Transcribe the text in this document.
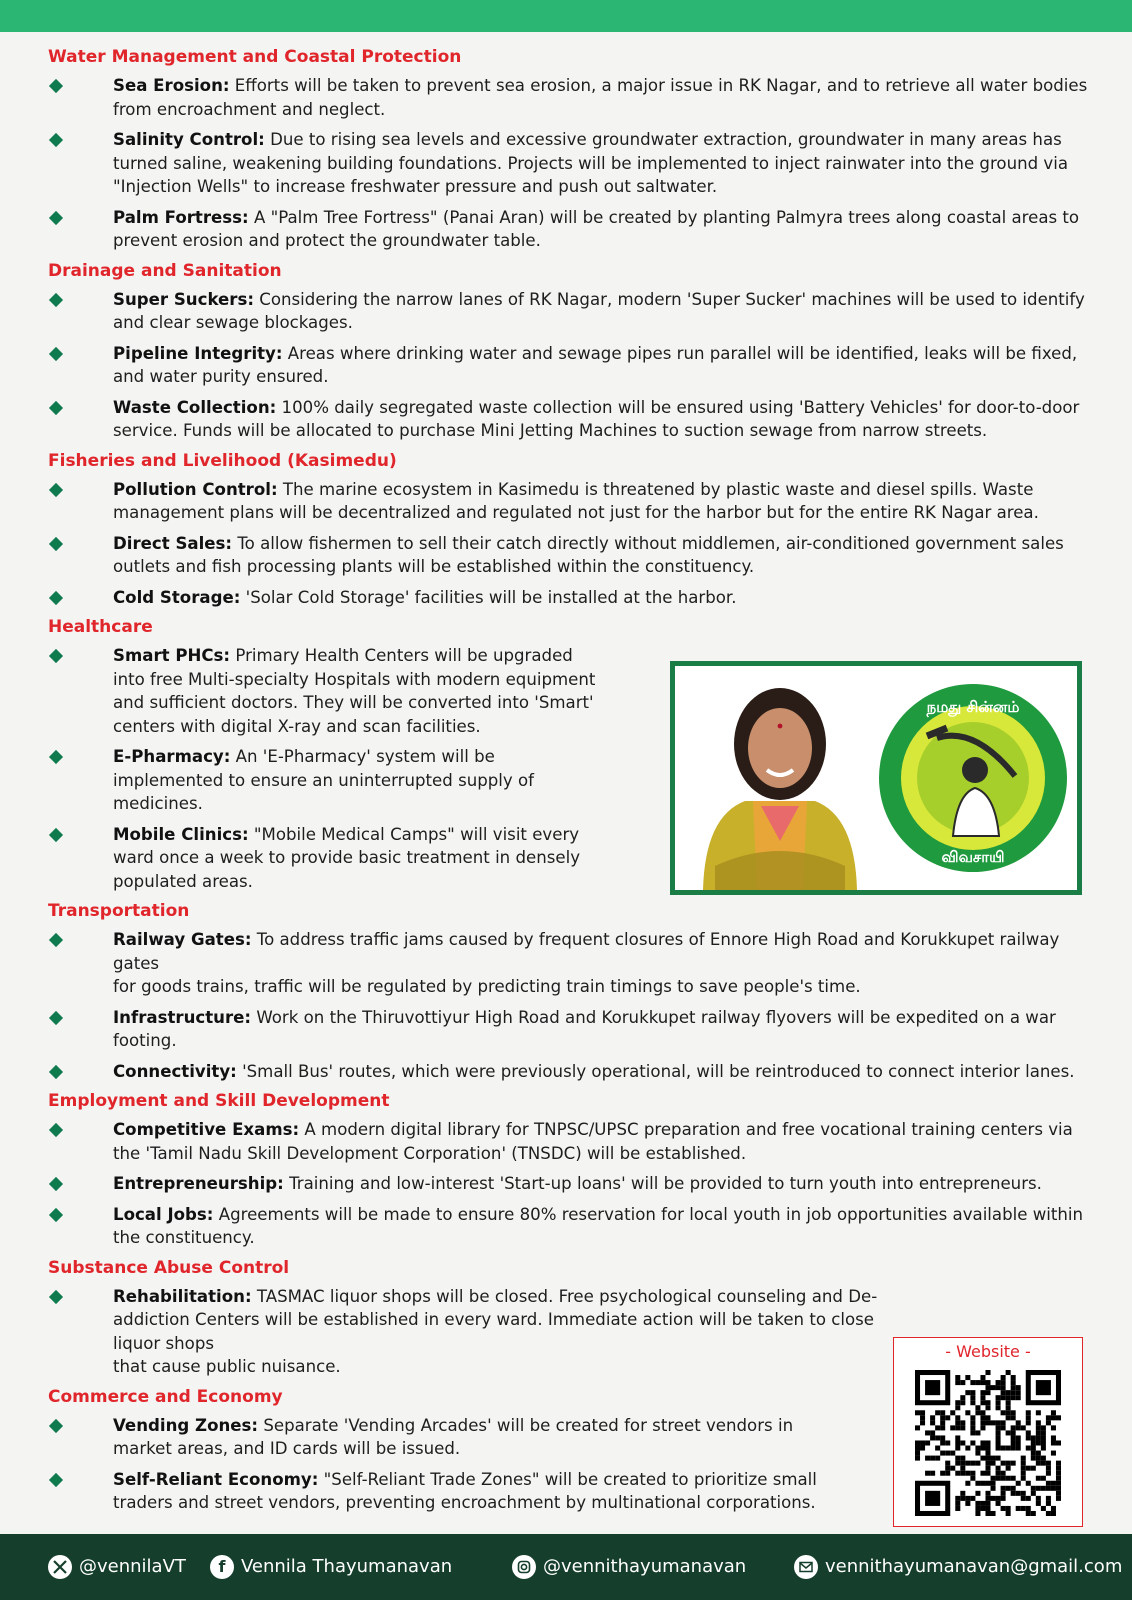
Water Management and Coastal Protection
Sea Erosion: Efforts will be taken to prevent sea erosion, a major issue in RK Nagar, and to retrieve all water bodies from encroachment and neglect.
Salinity Control: Due to rising sea levels and excessive groundwater extraction, groundwater in many areas has turned saline, weakening building foundations. Projects will be implemented to inject rainwater into the ground via "Injection Wells" to increase freshwater pressure and push out saltwater.
Palm Fortress: A "Palm Tree Fortress" (Panai Aran) will be created by planting Palmyra trees along coastal areas to prevent erosion and protect the groundwater table.
Drainage and Sanitation
Super Suckers: Considering the narrow lanes of RK Nagar, modern 'Super Sucker' machines will be used to identify and clear sewage blockages.
Pipeline Integrity: Areas where drinking water and sewage pipes run parallel will be identified, leaks will be fixed, and water purity ensured.
Waste Collection: 100% daily segregated waste collection will be ensured using 'Battery Vehicles' for door-to-door service. Funds will be allocated to purchase Mini Jetting Machines to suction sewage from narrow streets.
Fisheries and Livelihood (Kasimedu)
Pollution Control: The marine ecosystem in Kasimedu is threatened by plastic waste and diesel spills. Waste management plans will be decentralized and regulated not just for the harbor but for the entire RK Nagar area.
Direct Sales: To allow fishermen to sell their catch directly without middlemen, air-conditioned government sales outlets and fish processing plants will be established within the constituency.
Cold Storage: 'Solar Cold Storage' facilities will be installed at the harbor.
Healthcare
Smart PHCs: Primary Health Centers will be upgraded into free Multi-specialty Hospitals with modern equipment and sufficient doctors. They will be converted into 'Smart' centers with digital X-ray and scan facilities.
E-Pharmacy: An 'E-Pharmacy' system will be implemented to ensure an uninterrupted supply of medicines.
Mobile Clinics: "Mobile Medical Camps" will visit every ward once a week to provide basic treatment in densely populated areas.
Transportation
Railway Gates: To address traffic jams caused by frequent closures of Ennore High Road and Korukkupet railway gates
for goods trains, traffic will be regulated by predicting train timings to save people's time.
Infrastructure: Work on the Thiruvottiyur High Road and Korukkupet railway flyovers will be expedited on a war footing.
Connectivity: 'Small Bus' routes, which were previously operational, will be reintroduced to connect interior lanes.
Employment and Skill Development
Competitive Exams: A modern digital library for TNPSC/UPSC preparation and free vocational training centers via the 'Tamil Nadu Skill Development Corporation' (TNSDC) will be established.
Entrepreneurship: Training and low-interest 'Start-up loans' will be provided to turn youth into entrepreneurs.
Local Jobs: Agreements will be made to ensure 80% reservation for local youth in job opportunities available within the constituency.
Substance Abuse Control
Rehabilitation: TASMAC liquor shops will be closed. Free psychological counseling and De-addiction Centers will be established in every ward. Immediate action will be taken to close liquor shops
that cause public nuisance.
Commerce and Economy
Vending Zones: Separate 'Vending Arcades' will be created for street vendors in market areas, and ID cards will be issued.
Self-Reliant Economy: "Self-Reliant Trade Zones" will be created to prioritize small traders and street vendors, preventing encroachment by multinational corporations.
நமது சின்னம்
விவசாயி
- Website -
@vennilaVT f Vennila Thayumanavan	@vennithayumanavan	vennithayumanavan@gmail.com
